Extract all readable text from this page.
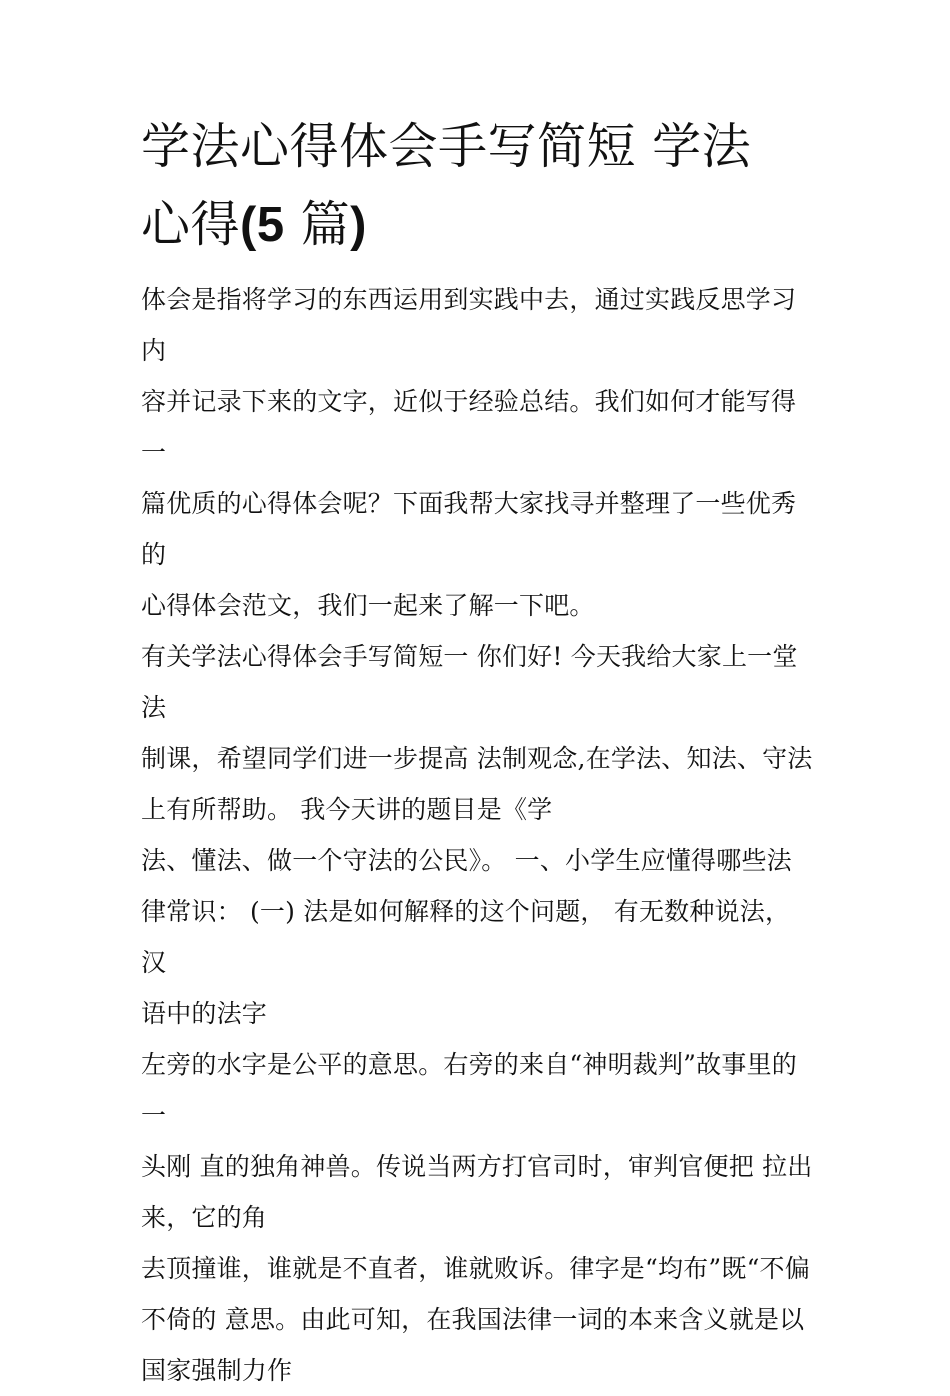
学法心得体会手写简短 学法
心得(5 篇)

体会是指将学习的东西运用到实践中去，通过实践反思学习内

容并记录下来的文字，近似于经验总结。我们如何才能写得一

篇优质的心得体会呢？下面我帮大家找寻并整理了一些优秀的

心得体会范文，我们一起来了解一下吧。

有关学法心得体会手写简短一 你们好! 今天我给大家上一堂法

制课，希望同学们进一步提高 法制观念,在学法、知法、守法

上有所帮助。 我今天讲的题目是《学

法、懂法、做一个守法的公民》。 一、小学生应懂得哪些法

律常识： (一) 法是如何解释的这个问题， 有无数种说法， 汉

语中的法字

左旁的水字是公平的意思。右旁的来自“神明裁判”故事里的一

头刚 直的独角神兽。传说当两方打官司时，审判官便把 拉出

来，它的角

去顶撞谁，谁就是不直者，谁就败诉。律字是“均布”既“不偏

不倚的 意思。由此可知，在我国法律一词的本来含义就是以

国家强制力作
